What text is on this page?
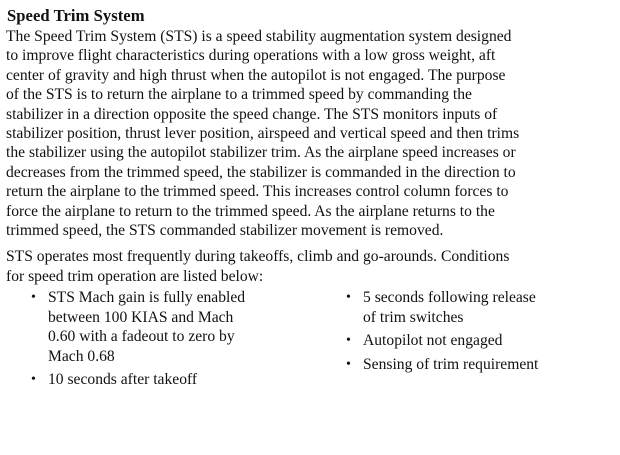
Speed Trim System

The Speed Trim System (STS) is a speed stability augmentation system designed
to improve flight characteristics during operations with a low gross weight, aft
center of gravity and high thrust when the autopilot is not engaged. The purpose
of the STS is to return the airplane to a trimmed speed by commanding the
stabilizer in a direction opposite the speed change. The STS monitors inputs of
stabilizer position, thrust lever position, airspeed and vertical speed and then trims
the stabilizer using the autopilot stabilizer trim. As the airplane speed increases or
decreases from the trimmed speed, the stabilizer is commanded in the direction to
return the airplane to the trimmed speed. This increases control column forces to
force the airplane to return to the trimmed speed. As the airplane returns to the
trimmed speed, the STS commanded stabilizer movement is removed.

STS operates most frequently during takeoffs, climb and go-arounds. Conditions
for speed trim operation are listed below:

• STS Mach gain is fully enabled
between 100 KIAS and Mach
0.60 with a fadeout to zero by
Mach 0.68
• 10 seconds after takeoff
• 5 seconds following release
of trim switches
• Autopilot not engaged
• Sensing of trim requirement
